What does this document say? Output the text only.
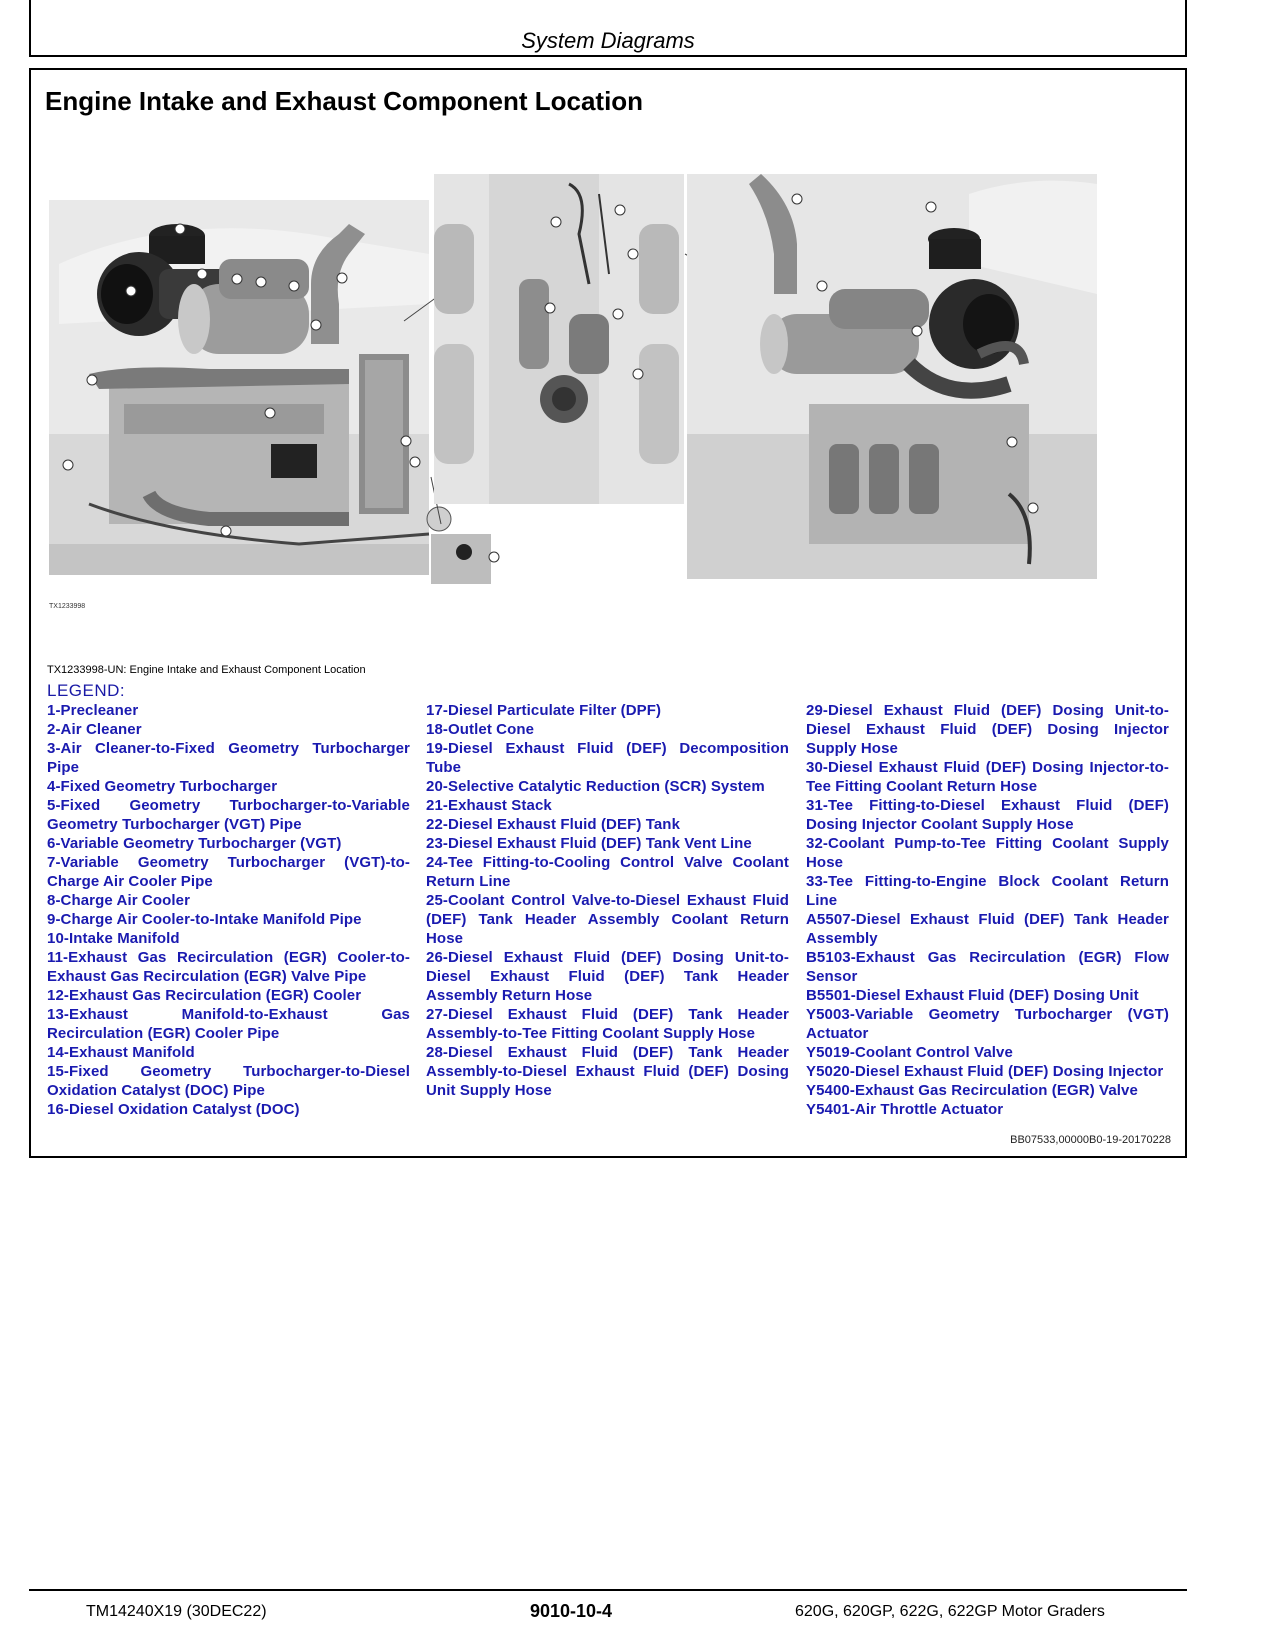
System Diagrams
Engine Intake and Exhaust Component Location
TX1233998
TX1233998-UN: Engine Intake and Exhaust Component Location
LEGEND:
1-Precleaner
2-Air Cleaner
3-Air Cleaner-to-Fixed Geometry Turbocharger Pipe
4-Fixed Geometry Turbocharger
5-Fixed Geometry Turbocharger-to-Variable Geometry Turbocharger (VGT) Pipe
6-Variable Geometry Turbocharger (VGT)
7-Variable Geometry Turbocharger (VGT)-to-Charge Air Cooler Pipe
8-Charge Air Cooler
9-Charge Air Cooler-to-Intake Manifold Pipe
10-Intake Manifold
11-Exhaust Gas Recirculation (EGR) Cooler-to-Exhaust Gas Recirculation (EGR) Valve Pipe
12-Exhaust Gas Recirculation (EGR) Cooler
13-Exhaust Manifold-to-Exhaust Gas Recirculation (EGR) Cooler Pipe
14-Exhaust Manifold
15-Fixed Geometry Turbocharger-to-Diesel Oxidation Catalyst (DOC) Pipe
16-Diesel Oxidation Catalyst (DOC)
17-Diesel Particulate Filter (DPF)
18-Outlet Cone
19-Diesel Exhaust Fluid (DEF) Decomposition Tube
20-Selective Catalytic Reduction (SCR) System
21-Exhaust Stack
22-Diesel Exhaust Fluid (DEF) Tank
23-Diesel Exhaust Fluid (DEF) Tank Vent Line
24-Tee Fitting-to-Cooling Control Valve Coolant Return Line
25-Coolant Control Valve-to-Diesel Exhaust Fluid (DEF) Tank Header Assembly Coolant Return Hose
26-Diesel Exhaust Fluid (DEF) Dosing Unit-to-Diesel Exhaust Fluid (DEF) Tank Header Assembly Return Hose
27-Diesel Exhaust Fluid (DEF) Tank Header Assembly-to-Tee Fitting Coolant Supply Hose
28-Diesel Exhaust Fluid (DEF) Tank Header Assembly-to-Diesel Exhaust Fluid (DEF) Dosing Unit Supply Hose
29-Diesel Exhaust Fluid (DEF) Dosing Unit-to-Diesel Exhaust Fluid (DEF) Dosing Injector Supply Hose
30-Diesel Exhaust Fluid (DEF) Dosing Injector-to-Tee Fitting Coolant Return Hose
31-Tee Fitting-to-Diesel Exhaust Fluid (DEF) Dosing Injector Coolant Supply Hose
32-Coolant Pump-to-Tee Fitting Coolant Supply Hose
33-Tee Fitting-to-Engine Block Coolant Return Line
A5507-Diesel Exhaust Fluid (DEF) Tank Header Assembly
B5103-Exhaust Gas Recirculation (EGR) Flow Sensor
B5501-Diesel Exhaust Fluid (DEF) Dosing Unit
Y5003-Variable Geometry Turbocharger (VGT) Actuator
Y5019-Coolant Control Valve
Y5020-Diesel Exhaust Fluid (DEF) Dosing Injector
Y5400-Exhaust Gas Recirculation (EGR) Valve
Y5401-Air Throttle Actuator
BB07533,00000B0-19-20170228
TM14240X19 (30DEC22)	9010-10-4	620G, 620GP, 622G, 622GP Motor Graders
